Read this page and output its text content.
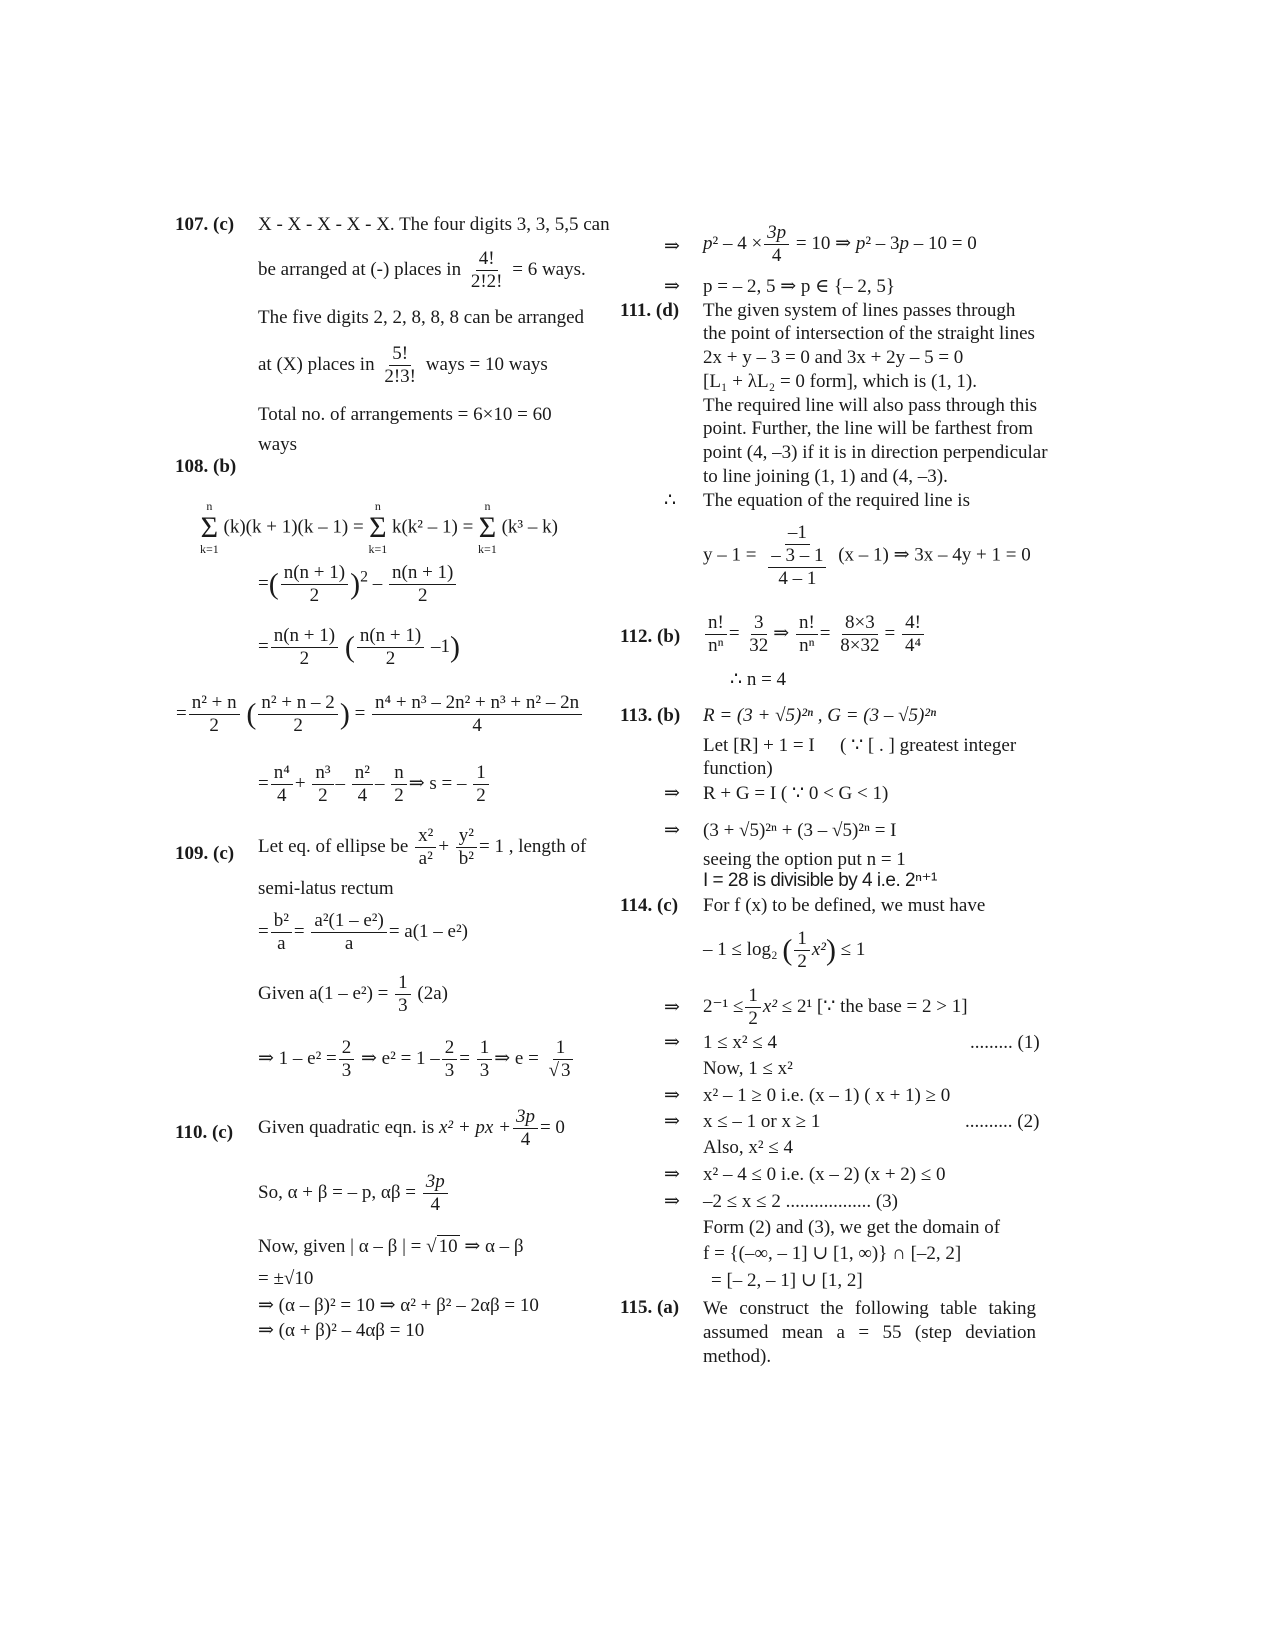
107. (c) X - X - X - X - X. The four digits 3, 3, 5,5 can
be arranged at (-) places in $\frac{4!}{2!2!} = 6$ ways.
The five digits 2, 2, 8, 8, 8 can be arranged
at (X) places in $\frac{5!}{2!3!}$ ways = 10 ways
Total no. of arrangements = 6×10 = 60
ways
108. (b)
n
Σ
k=1
(k)(k + 1)(k – 1) =
n
Σ
k=1
k(k² – 1) =
n
Σ
k=1
(k³ – k)
=( $\frac{n(n + 1)}{2} )^2 - \frac{n(n + 1)}{2}$
= $\frac{n(n + 1)}{2}$ ( $\frac{n(n + 1)}{2} -1$)
= $\frac{\text{n² + n}}{2}$ ( $\frac{\text{n² + n – 2}}{2}$ ) = $\frac{\text{n⁴ + n³ – 2n² + n³ + n² – 2n}}{4}$
= $\frac{\text{n⁴}}{4} + \frac{\text{n³}}{2} - \frac{\text{n²}}{4} - \frac{n}{2}$ ⇒ s = – $\frac{1}{2}$
109. (c) Let eq. of ellipse be $\frac{\text{x²}}{\text{a²}} + \frac{\text{y²}}{\text{b²}} = 1$ , length of
semi-latus rectum
= $\frac{\text{b²}}{a} = \frac{\text{a²(1 – e²)}}{a} = a(1 - e^2)$
Given $a(1 - e^2) = \frac{1}{3} (2a)$
⇒ $1 - e^2 = \frac{2}{3}$ ⇒ $e^2 = 1 - \frac{2}{3} = \frac{1}{3}$ ⇒ $e = \frac{1}{√ 3}$
110. (c) Given quadratic eqn. is x² + px + $\frac{3p}{4} = 0$
So, α + β = – p, $\alpha\beta = \frac{3p}{4}$
Now, given | α – β | = √ 10 ⇒ α – β
= ±√10
⇒ (α – β)² = 10 ⇒ α² + β² – 2αβ = 10
⇒ (α + β)² – 4αβ = 10
⇒ $p^2 - 4 \times \frac{3p}{4} = 10$ ⇒ p² – 3p – 10 = 0
⇒ p = – 2, 5 ⇒ p ∈ {– 2, 5}
111. (d) The given system of lines passes through
the point of intersection of the straight lines
2x + y – 3 = 0 and 3x + 2y – 5 = 0
[L₁ + λL₂ = 0 form], which is (1, 1).
The required line will also pass through this
point. Further, the line will be farthest from
point (4, –3) if it is in direction perpendicular
to line joining (1, 1) and (4, –3).
∴ The equation of the required line is
$y - 1 = \frac{-1}{\frac{- 3 - 1}{4 - 1}} (x - 1)$ ⇒ 3x – 4y + 1 = 0
112. $(b) \frac{n!}{\text{nⁿ}} = \frac{3}{32}$ ⇒ $\frac{n!}{\text{nⁿ}} = \frac{8\times 3}{8\times 32} = \frac{4!}{\text{4⁴}}$
∴ n = 4
113. (b) R = (3 + √5)²ⁿ , G = (3 – √5)²ⁿ
Let [R] + 1 = I ( ∵ [ . ] greatest integer
function)
⇒ R + G = I ( ∵ 0 < G < 1)
⇒ (3 + √5)²ⁿ + (3 – √5)²ⁿ = I
seeing the option put n = 1
I = 28 is divisible by 4 i.e. 2ⁿ⁺¹
114. (c) For f (x) to be defined, we must have
– 1 ≤ log₂ ( $\frac{1}{2} x^2) \le 1$
⇒ $2^{-1} \le \frac{1}{2} x^2 \le 2^1$ [∵ the base = 2 > 1]
⇒ 1 ≤ x² ≤ 4	......... (1)
Now, 1 ≤ x²
⇒ x² – 1 ≥ 0 i.e. (x – 1) ( x + 1) ≥ 0
⇒ x ≤ – 1 or x ≥ 1	.......... (2)
Also, x² ≤ 4
⇒ x² – 4 ≤ 0 i.e. (x – 2) (x + 2) ≤ 0
⇒ –2 ≤ x ≤ 2 .................. (3)
Form (2) and (3), we get the domain of
f = {(–∞, – 1] ∪ [1, ∞)} ∩ [–2, 2]
= [– 2, – 1] ∪ [1, 2]
115. (a) We construct the following table taking assumed mean a = 55 (step deviation method).
